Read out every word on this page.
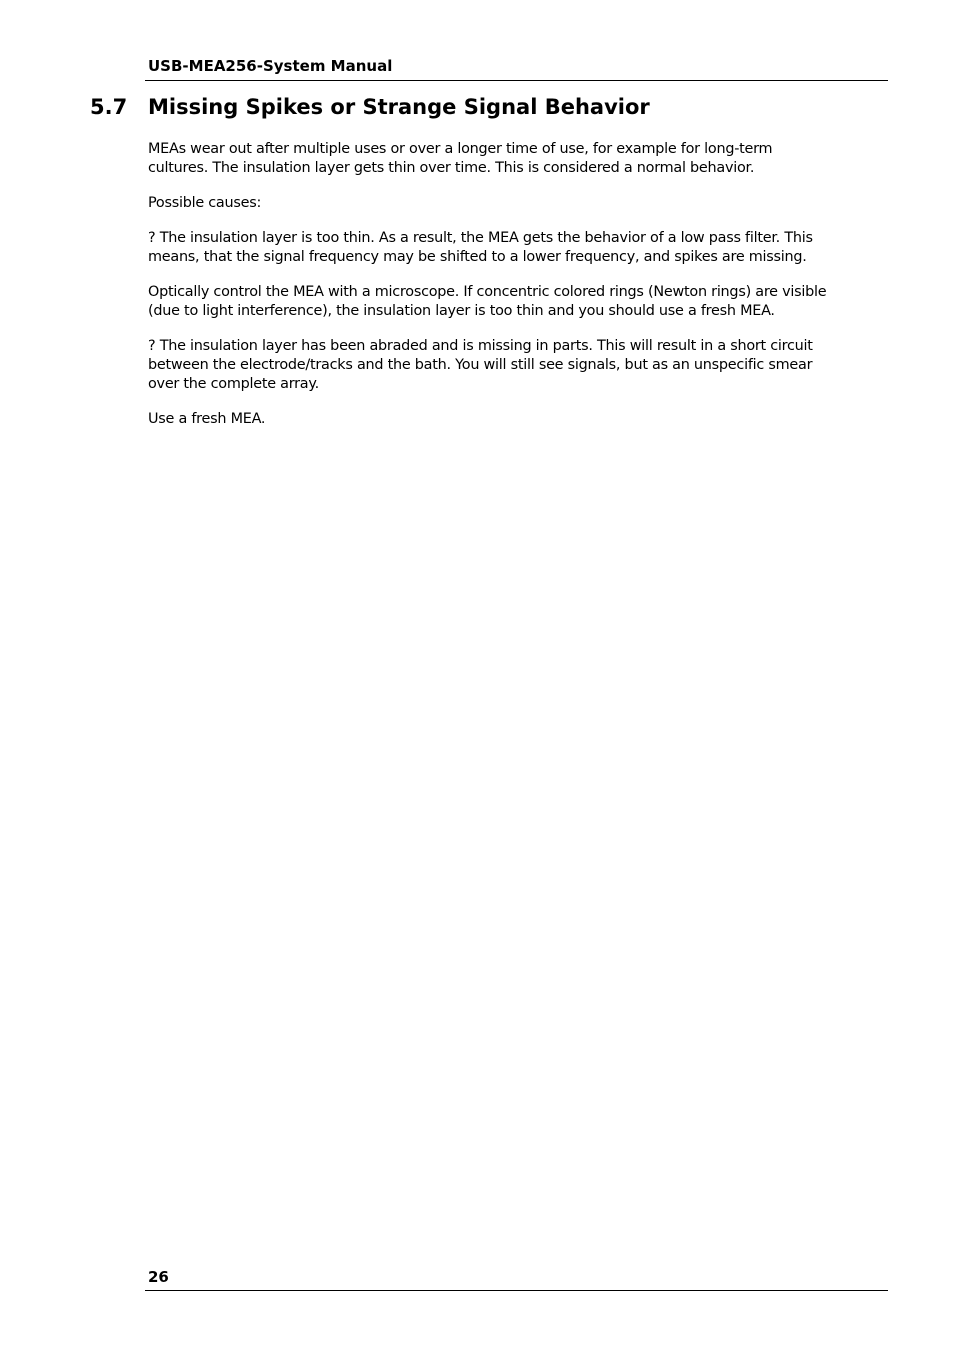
USB-MEA256-System Manual
5.7 Missing Spikes or Strange Signal Behavior

MEAs wear out after multiple uses or over a longer time of use, for example for long-term
cultures. The insulation layer gets thin over time. This is considered a normal behavior.

Possible causes:

? The insulation layer is too thin. As a result, the MEA gets the behavior of a low pass filter. This
means, that the signal frequency may be shifted to a lower frequency, and spikes are missing.

Optically control the MEA with a microscope. If concentric colored rings (Newton rings) are visible
(due to light interference), the insulation layer is too thin and you should use a fresh MEA.

? The insulation layer has been abraded and is missing in parts. This will result in a short circuit
between the electrode/tracks and the bath. You will still see signals, but as an unspecific smear
over the complete array.

Use a fresh MEA.

26
